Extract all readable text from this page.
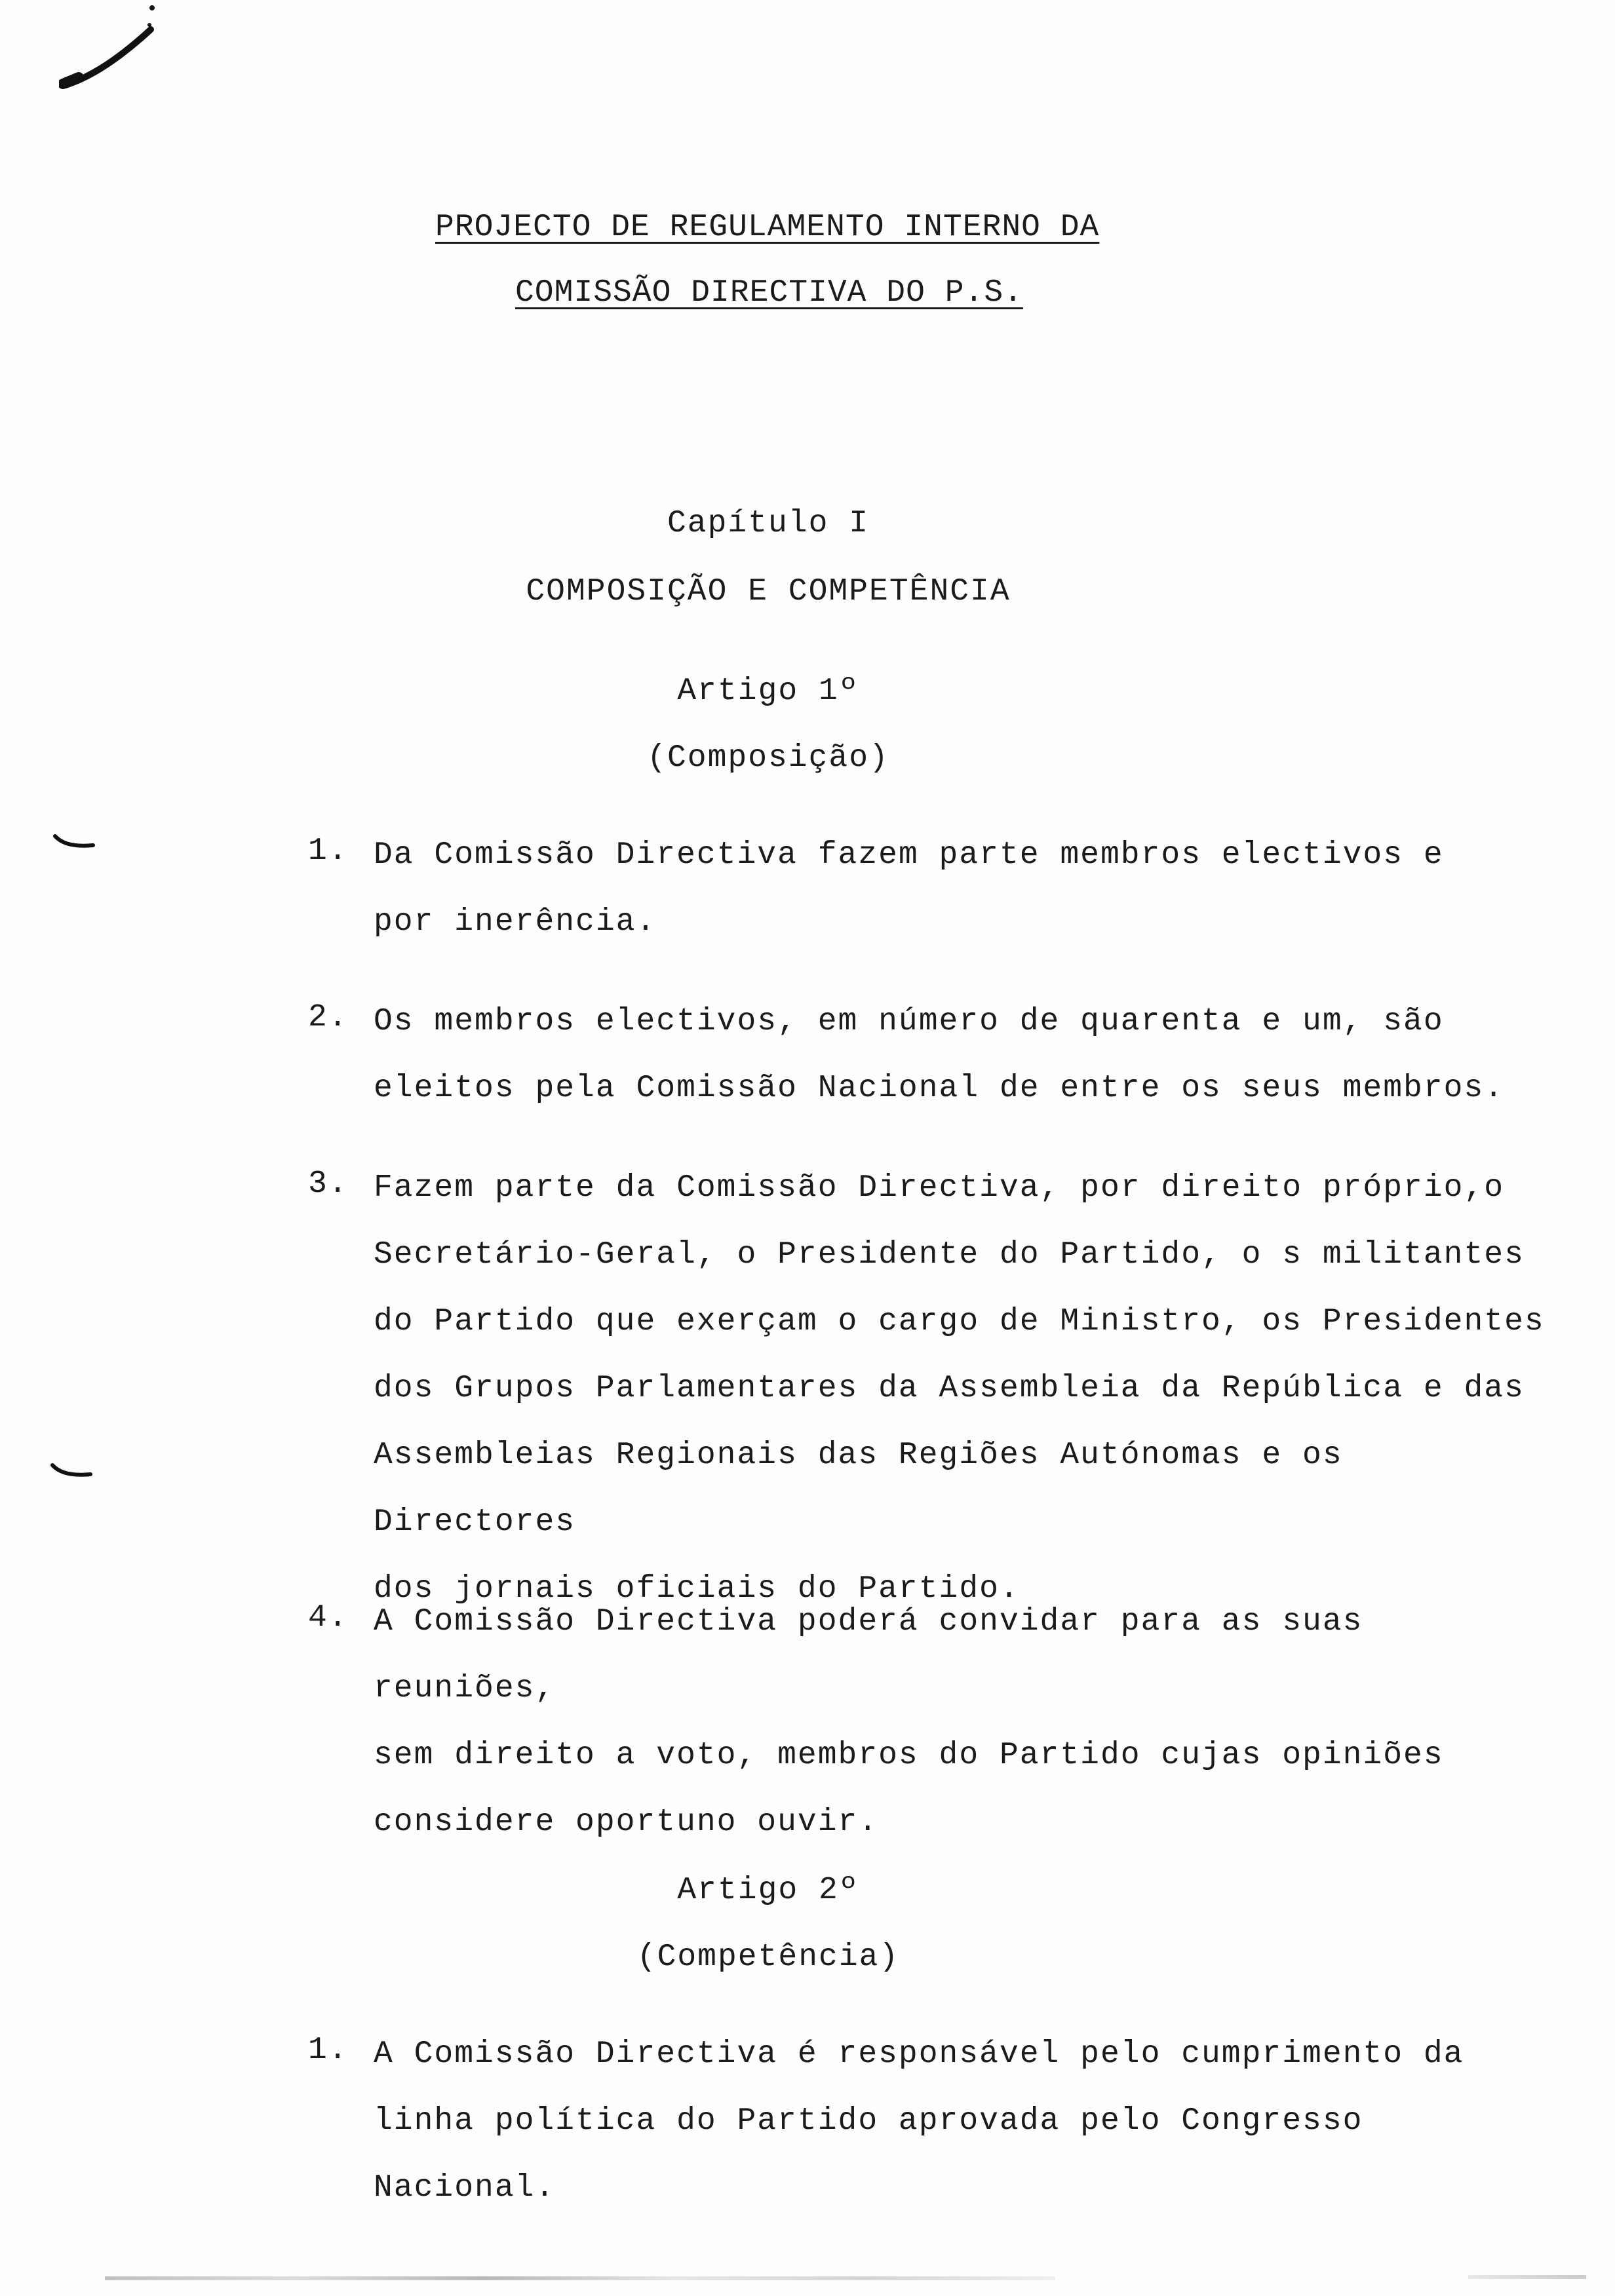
PROJECTO DE REGULAMENTO INTERNO DA
COMISSÃO DIRECTIVA DO P.S.
Capítulo I
COMPOSIÇÃO E COMPETÊNCIA
Artigo 1º
(Composição)
1. Da Comissão Directiva fazem parte membros electivos e
por inerência.
2. Os membros electivos, em número de quarenta e um, são
eleitos pela Comissão Nacional de entre os seus membros.
3. Fazem parte da Comissão Directiva, por direito próprio,o
Secretário-Geral, o Presidente do Partido, o s militantes
do Partido que exerçam o cargo de Ministro, os Presidentes
dos Grupos Parlamentares da Assembleia da República e das
Assembleias Regionais das Regiões Autónomas e os Directores
dos jornais oficiais do Partido.
4. A Comissão Directiva poderá convidar para as suas reuniões,
sem direito a voto, membros do Partido cujas opiniões
considere oportuno ouvir.
Artigo 2º
(Competência)
1. A Comissão Directiva é responsável pelo cumprimento da
linha política do Partido aprovada pelo Congresso Nacional.
